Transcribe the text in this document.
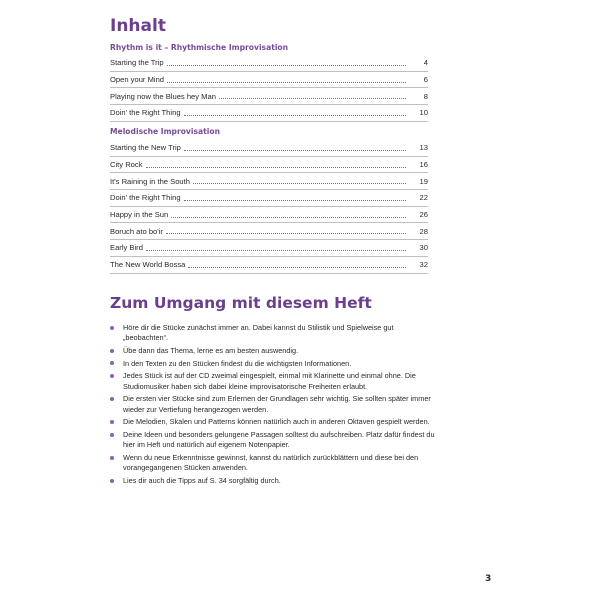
Inhalt
Rhythm is it – Rhythmische Improvisation
Starting the Trip	4
Open your Mind	6
Playing now the Blues hey Man	8
Doin' the Right Thing	10
Melodische Improvisation
Starting the New Trip	13
City Rock	16
It's Raining in the South	19
Doin' the Right Thing	22
Happy in the Sun	26
Boruch ato bo'ir	28
Early Bird	30
The New World Bossa	32
Zum Umgang mit diesem Heft
Höre dir die Stücke zunächst immer an. Dabei kannst du Stilistik und Spielweise gut „beobachten“.
Übe dann das Thema, lerne es am besten auswendig.
In den Texten zu den Stücken findest du die wichtigsten Informationen.
Jedes Stück ist auf der CD zweimal eingespielt, einmal mit Klarinette und einmal ohne. Die Studiomusiker haben sich dabei kleine improvisatorische Freiheiten erlaubt.
Die ersten vier Stücke sind zum Erlernen der Grundlagen sehr wichtig. Sie sollten später immer wieder zur Vertiefung herangezogen werden.
Die Melodien, Skalen und Patterns können natürlich auch in anderen Oktaven gespielt werden.
Deine Ideen und besonders gelungene Passagen solltest du aufschreiben. Platz dafür findest du hier im Heft und natürlich auf eigenem Notenpapier.
Wenn du neue Erkenntnisse gewinnst, kannst du natürlich zurückblättern und diese bei den vorangegangenen Stücken anwenden.
Lies dir auch die Tipps auf S. 34 sorgfältig durch.
3
